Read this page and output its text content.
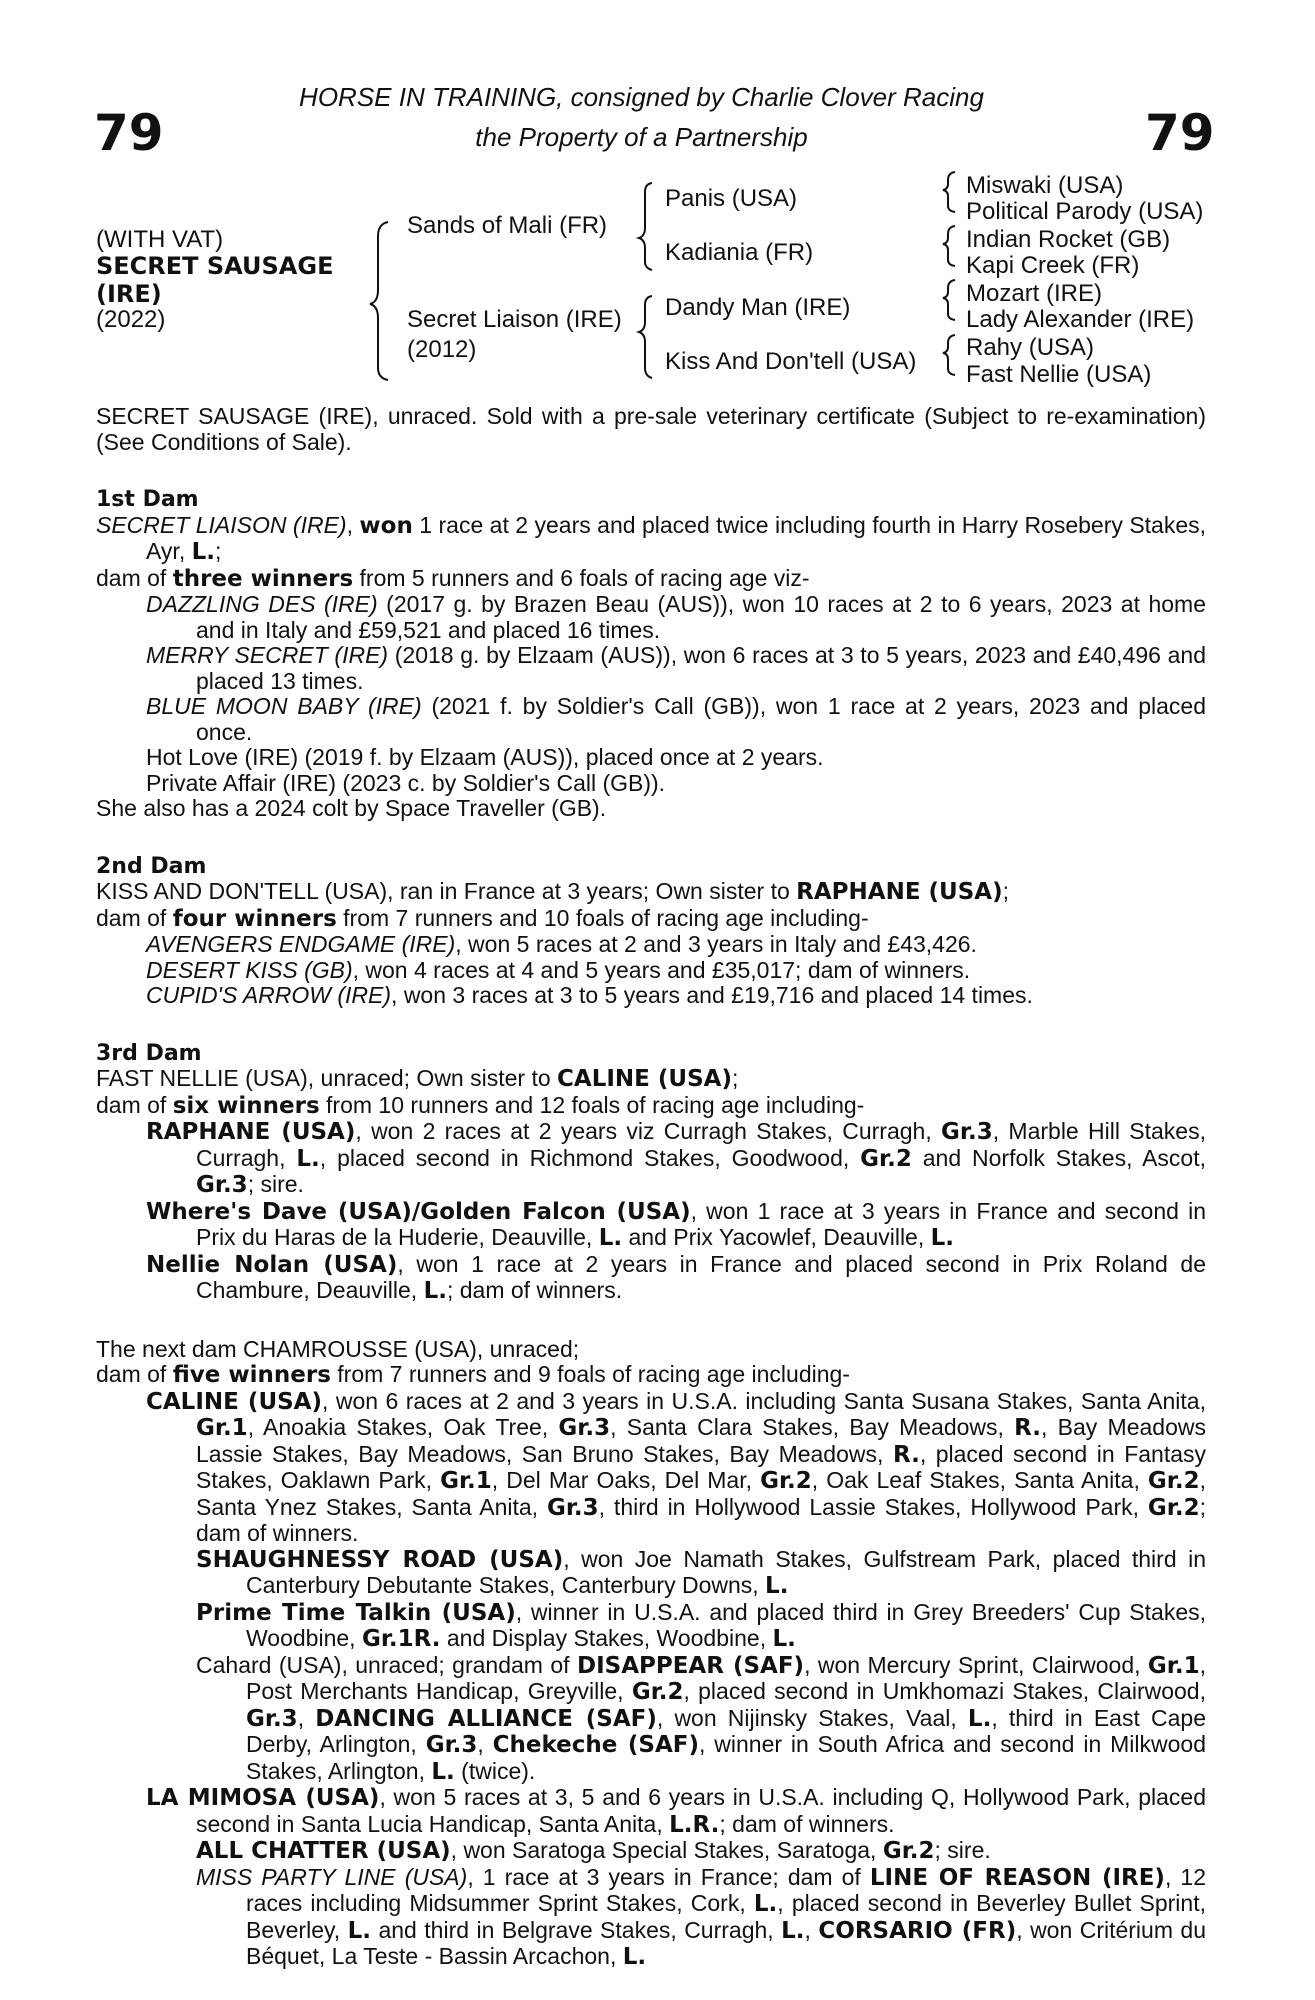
79	79
HORSE IN TRAINING, consigned by Charlie Clover Racing
the Property of a Partnership
(WITH VAT)
SECRET SAUSAGE
(IRE)
(2022)
Sands of Mali (FR)
Secret Liaison (IRE)
(2012)
Panis (USA)
Kadiania (FR)
Dandy Man (IRE)
Kiss And Don'tell (USA)
Miswaki (USA)
Political Parody (USA)
Indian Rocket (GB)
Kapi Creek (FR)
Mozart (IRE)
Lady Alexander (IRE)
Rahy (USA)
Fast Nellie (USA)

SECRET SAUSAGE (IRE), unraced. Sold with a pre-sale veterinary certificate (Subject to re-examination) (See Conditions of Sale).

1st Dam

SECRET LIAISON (IRE), won 1 race at 2 years and placed twice including fourth in Harry Rosebery Stakes, Ayr, L.;

dam of three winners from 5 runners and 6 foals of racing age viz-

DAZZLING DES (IRE) (2017 g. by Brazen Beau (AUS)), won 10 races at 2 to 6 years, 2023 at home and in Italy and £59,521 and placed 16 times.

MERRY SECRET (IRE) (2018 g. by Elzaam (AUS)), won 6 races at 3 to 5 years, 2023 and £40,496 and placed 13 times.

BLUE MOON BABY (IRE) (2021 f. by Soldier's Call (GB)), won 1 race at 2 years, 2023 and placed once.

Hot Love (IRE) (2019 f. by Elzaam (AUS)), placed once at 2 years.

Private Affair (IRE) (2023 c. by Soldier's Call (GB)).

She also has a 2024 colt by Space Traveller (GB).

2nd Dam

KISS AND DON'TELL (USA), ran in France at 3 years; Own sister to RAPHANE (USA);

dam of four winners from 7 runners and 10 foals of racing age including-

AVENGERS ENDGAME (IRE), won 5 races at 2 and 3 years in Italy and £43,426.

DESERT KISS (GB), won 4 races at 4 and 5 years and £35,017; dam of winners.

CUPID'S ARROW (IRE), won 3 races at 3 to 5 years and £19,716 and placed 14 times.

3rd Dam

FAST NELLIE (USA), unraced; Own sister to CALINE (USA);

dam of six winners from 10 runners and 12 foals of racing age including-

RAPHANE (USA), won 2 races at 2 years viz Curragh Stakes, Curragh, Gr.3, Marble Hill Stakes, Curragh, L., placed second in Richmond Stakes, Goodwood, Gr.2 and Norfolk Stakes, Ascot, Gr.3; sire.

Where's Dave (USA)/Golden Falcon (USA), won 1 race at 3 years in France and second in Prix du Haras de la Huderie, Deauville, L. and Prix Yacowlef, Deauville, L.

Nellie Nolan (USA), won 1 race at 2 years in France and placed second in Prix Roland de Chambure, Deauville, L.; dam of winners.

The next dam CHAMROUSSE (USA), unraced;

dam of five winners from 7 runners and 9 foals of racing age including-

CALINE (USA), won 6 races at 2 and 3 years in U.S.A. including Santa Susana Stakes, Santa Anita, Gr.1, Anoakia Stakes, Oak Tree, Gr.3, Santa Clara Stakes, Bay Meadows, R., Bay Meadows Lassie Stakes, Bay Meadows, San Bruno Stakes, Bay Meadows, R., placed second in Fantasy Stakes, Oaklawn Park, Gr.1, Del Mar Oaks, Del Mar, Gr.2, Oak Leaf Stakes, Santa Anita, Gr.2, Santa Ynez Stakes, Santa Anita, Gr.3, third in Hollywood Lassie Stakes, Hollywood Park, Gr.2; dam of winners.

SHAUGHNESSY ROAD (USA), won Joe Namath Stakes, Gulfstream Park, placed third in Canterbury Debutante Stakes, Canterbury Downs, L.

Prime Time Talkin (USA), winner in U.S.A. and placed third in Grey Breeders' Cup Stakes, Woodbine, Gr.1R. and Display Stakes, Woodbine, L.

Cahard (USA), unraced; grandam of DISAPPEAR (SAF), won Mercury Sprint, Clairwood, Gr.1, Post Merchants Handicap, Greyville, Gr.2, placed second in Umkhomazi Stakes, Clairwood, Gr.3, DANCING ALLIANCE (SAF), won Nijinsky Stakes, Vaal, L., third in East Cape Derby, Arlington, Gr.3, Chekeche (SAF), winner in South Africa and second in Milkwood Stakes, Arlington, L. (twice).

LA MIMOSA (USA), won 5 races at 3, 5 and 6 years in U.S.A. including Q, Hollywood Park, placed second in Santa Lucia Handicap, Santa Anita, L.R.; dam of winners.

ALL CHATTER (USA), won Saratoga Special Stakes, Saratoga, Gr.2; sire.

MISS PARTY LINE (USA), 1 race at 3 years in France; dam of LINE OF REASON (IRE), 12 races including Midsummer Sprint Stakes, Cork, L., placed second in Beverley Bullet Sprint, Beverley, L. and third in Belgrave Stakes, Curragh, L., CORSARIO (FR), won Critérium du Béquet, La Teste - Bassin Arcachon, L.
